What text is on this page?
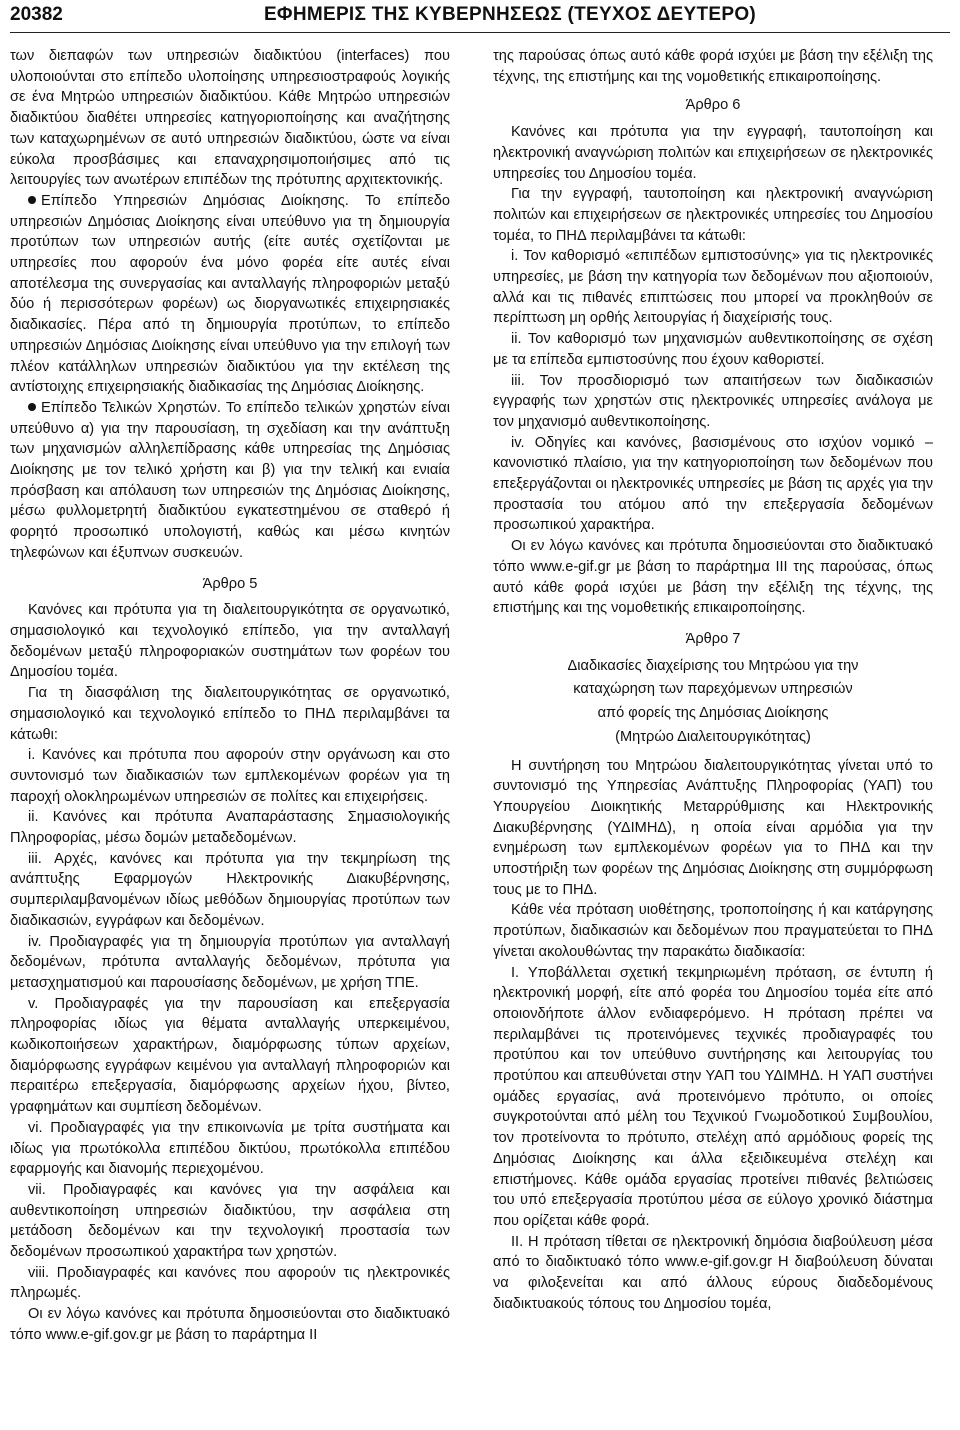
20382	ΕΦΗΜΕΡΙΣ ΤΗΣ ΚΥΒΕΡΝΗΣΕΩΣ (ΤΕΥΧΟΣ ΔΕΥΤΕΡΟ)

των διεπαφών των υπηρεσιών διαδικτύου (interfaces) που υλοποιούνται στο επίπεδο υλοποίησης υπηρεσιοστραφούς λογικής σε ένα Μητρώο υπηρεσιών διαδικτύου. Κάθε Μητρώο υπηρεσιών διαδικτύου διαθέτει υπηρεσίες κατηγοριοποίησης και αναζήτησης των καταχωρημένων σε αυτό υπηρεσιών διαδικτύου, ώστε να είναι εύκολα προσβάσιμες και επαναχρησιμοποιήσιμες από τις λειτουργίες των ανωτέρων επιπέδων της πρότυπης αρχιτεκτονικής.

Επίπεδο Υπηρεσιών Δημόσιας Διοίκησης. Το επίπεδο υπηρεσιών Δημόσιας Διοίκησης είναι υπεύθυνο για τη δημιουργία προτύπων των υπηρεσιών αυτής (είτε αυτές σχετίζονται με υπηρεσίες που αφορούν ένα μόνο φορέα είτε αυτές είναι αποτέλεσμα της συνεργασίας και ανταλλαγής πληροφοριών μεταξύ δύο ή περισσότερων φορέων) ως διοργανωτικές επιχειρησιακές διαδικασίες. Πέρα από τη δημιουργία προτύπων, το επίπεδο υπηρεσιών Δημόσιας Διοίκησης είναι υπεύθυνο για την επιλογή των πλέον κατάλληλων υπηρεσιών διαδικτύου για την εκτέλεση της αντίστοιχης επιχειρησιακής διαδικασίας της Δημόσιας Διοίκησης.

Επίπεδο Τελικών Χρηστών. Το επίπεδο τελικών χρηστών είναι υπεύθυνο α) για την παρουσίαση, τη σχεδίαση και την ανάπτυξη των μηχανισμών αλληλεπίδρασης κάθε υπηρεσίας της Δημόσιας Διοίκησης με τον τελικό χρήστη και β) για την τελική και ενιαία πρόσβαση και απόλαυση των υπηρεσιών της Δημόσιας Διοίκησης, μέσω φυλλομετρητή διαδικτύου εγκατεστημένου σε σταθερό ή φορητό προσωπικό υπολογιστή, καθώς και μέσω κινητών τηλεφώνων και έξυπνων συσκευών.

Άρθρο 5

Κανόνες και πρότυπα για τη διαλειτουργικότητα σε οργανωτικό, σημασιολογικό και τεχνολογικό επίπεδο, για την ανταλλαγή δεδομένων μεταξύ πληροφοριακών συστημάτων των φορέων του Δημοσίου τομέα.

Για τη διασφάλιση της διαλειτουργικότητας σε οργανωτικό, σημασιολογικό και τεχνολογικό επίπεδο το ΠΗΔ περιλαμβάνει τα κάτωθι:

i. Κανόνες και πρότυπα που αφορούν στην οργάνωση και στο συντονισμό των διαδικασιών των εμπλεκομένων φορέων για τη παροχή ολοκληρωμένων υπηρεσιών σε πολίτες και επιχειρήσεις.

ii. Κανόνες και πρότυπα Αναπαράστασης Σημασιολογικής Πληροφορίας, μέσω δομών μεταδεδομένων.

iii. Αρχές, κανόνες και πρότυπα για την τεκμηρίωση της ανάπτυξης Εφαρμογών Ηλεκτρονικής Διακυβέρνησης, συμπεριλαμβανομένων ιδίως μεθόδων δημιουργίας προτύπων των διαδικασιών, εγγράφων και δεδομένων.

iv. Προδιαγραφές για τη δημιουργία προτύπων για ανταλλαγή δεδομένων, πρότυπα ανταλλαγής δεδομένων, πρότυπα για μετασχηματισμού και παρουσίασης δεδομένων, με χρήση ΤΠΕ.

v. Προδιαγραφές για την παρουσίαση και επεξεργασία πληροφορίας ιδίως για θέματα ανταλλαγής υπερκειμένου, κωδικοποιήσεων χαρακτήρων, διαμόρφωσης τύπων αρχείων, διαμόρφωσης εγγράφων κειμένου για ανταλλαγή πληροφοριών και περαιτέρω επεξεργασία, διαμόρφωσης αρχείων ήχου, βίντεο, γραφημάτων και συμπίεση δεδομένων.

vi. Προδιαγραφές για την επικοινωνία με τρίτα συστήματα και ιδίως για πρωτόκολλα επιπέδου δικτύου, πρωτόκολλα επιπέδου εφαρμογής και διανομής περιεχομένου.

vii. Προδιαγραφές και κανόνες για την ασφάλεια και αυθεντικοποίηση υπηρεσιών διαδικτύου, την ασφάλεια στη μετάδοση δεδομένων και την τεχνολογική προστασία των δεδομένων προσωπικού χαρακτήρα των χρηστών.

viii. Προδιαγραφές και κανόνες που αφορούν τις ηλεκτρονικές πληρωμές.

Οι εν λόγω κανόνες και πρότυπα δημοσιεύονται στο διαδικτυακό τόπο www.e-gif.gov.gr με βάση το παράρτημα ΙΙ

της παρούσας όπως αυτό κάθε φορά ισχύει με βάση την εξέλιξη της τέχνης, της επιστήμης και της νομοθετικής επικαιροποίησης.

Άρθρο 6

Κανόνες και πρότυπα για την εγγραφή, ταυτοποίηση και ηλεκτρονική αναγνώριση πολιτών και επιχειρήσεων σε ηλεκτρονικές υπηρεσίες του Δημοσίου τομέα.

Για την εγγραφή, ταυτοποίηση και ηλεκτρονική αναγνώριση πολιτών και επιχειρήσεων σε ηλεκτρονικές υπηρεσίες του Δημοσίου τομέα, το ΠΗΔ περιλαμβάνει τα κάτωθι:

i. Τον καθορισμό «επιπέδων εμπιστοσύνης» για τις ηλεκτρονικές υπηρεσίες, με βάση την κατηγορία των δεδομένων που αξιοποιούν, αλλά και τις πιθανές επιπτώσεις που μπορεί να προκληθούν σε περίπτωση μη ορθής λειτουργίας ή διαχείρισής τους.

ii. Τον καθορισμό των μηχανισμών αυθεντικοποίησης σε σχέση με τα επίπεδα εμπιστοσύνης που έχουν καθοριστεί.

iii. Τον προσδιορισμό των απαιτήσεων των διαδικασιών εγγραφής των χρηστών στις ηλεκτρονικές υπηρεσίες ανάλογα με τον μηχανισμό αυθεντικοποίησης.

iv. Οδηγίες και κανόνες, βασισμένους στο ισχύον νομικό – κανονιστικό πλαίσιο, για την κατηγοριοποίηση των δεδομένων που επεξεργάζονται οι ηλεκτρονικές υπηρεσίες με βάση τις αρχές για την προστασία του ατόμου από την επεξεργασία δεδομένων προσωπικού χαρακτήρα.

Οι εν λόγω κανόνες και πρότυπα δημοσιεύονται στο διαδικτυακό τόπο www.e-gif.gr με βάση το παράρτημα ΙΙΙ της παρούσας, όπως αυτό κάθε φορά ισχύει με βάση την εξέλιξη της τέχνης, της επιστήμης και της νομοθετικής επικαιροποίησης.

Άρθρο 7

Διαδικασίες διαχείρισης του Μητρώου για την

καταχώρηση των παρεχόμενων υπηρεσιών

από φορείς της Δημόσιας Διοίκησης

(Μητρώο Διαλειτουργικότητας)

Η συντήρηση του Μητρώου διαλειτουργικότητας γίνεται υπό το συντονισμό της Υπηρεσίας Ανάπτυξης Πληροφορίας (ΥΑΠ) του Υπουργείου Διοικητικής Μεταρρύθμισης και Ηλεκτρονικής Διακυβέρνησης (ΥΔΙΜΗΔ), η οποία είναι αρμόδια για την ενημέρωση των εμπλεκομένων φορέων για το ΠΗΔ και την υποστήριξη των φορέων της Δημόσιας Διοίκησης στη συμμόρφωση τους με το ΠΗΔ.

Κάθε νέα πρόταση υιοθέτησης, τροποποίησης ή και κατάργησης προτύπων, διαδικασιών και δεδομένων που πραγματεύεται το ΠΗΔ γίνεται ακολουθώντας την παρακάτω διαδικασία:

Ι. Υποβάλλεται σχετική τεκμηριωμένη πρόταση, σε έντυπη ή ηλεκτρονική μορφή, είτε από φορέα του Δημοσίου τομέα είτε από οποιονδήποτε άλλον ενδιαφερόμενο. Η πρόταση πρέπει να περιλαμβάνει τις προτεινόμενες τεχνικές προδιαγραφές του προτύπου και τον υπεύθυνο συντήρησης και λειτουργίας του προτύπου και απευθύνεται στην ΥΑΠ του ΥΔΙΜΗΔ. Η ΥΑΠ συστήνει ομάδες εργασίας, ανά προτεινόμενο πρότυπο, οι οποίες συγκροτούνται από μέλη του Τεχνικού Γνωμοδοτικού Συμβουλίου, τον προτείνοντα το πρότυπο, στελέχη από αρμόδιους φορείς της Δημόσιας Διοίκησης και άλλα εξειδικευμένα στελέχη και επιστήμονες. Κάθε ομάδα εργασίας προτείνει πιθανές βελτιώσεις του υπό επεξεργασία προτύπου μέσα σε εύλογο χρονικό διάστημα που ορίζεται κάθε φορά.

ΙΙ. Η πρόταση τίθεται σε ηλεκτρονική δημόσια διαβούλευση μέσα από το διαδικτυακό τόπο www.e-gif.gov.gr Η διαβούλευση δύναται να φιλοξενείται και από άλλους εύρους διαδεδομένους διαδικτυακούς τόπους του Δημοσίου τομέα,
